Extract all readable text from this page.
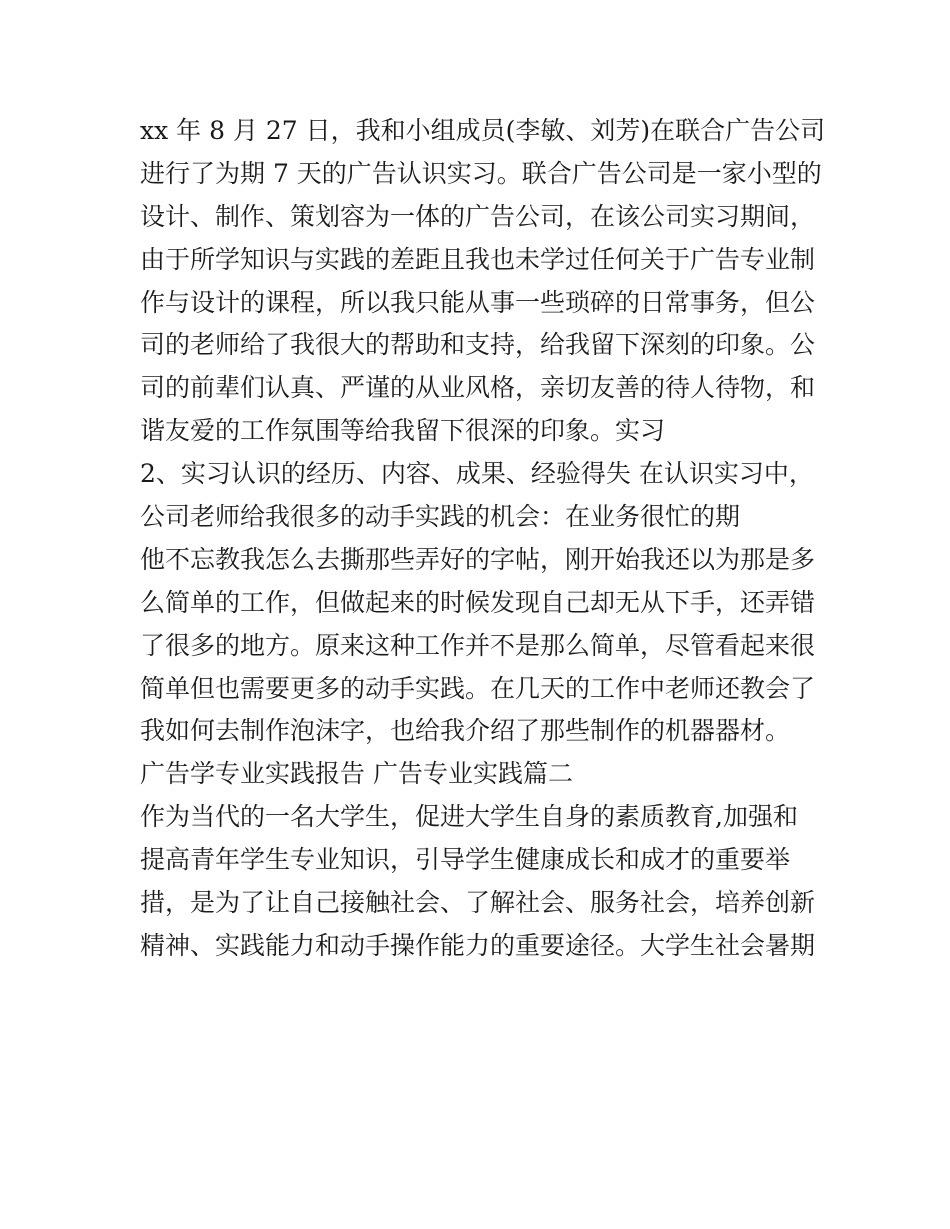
xx 年 8 月 27 日，我和小组成员(李敏、刘芳)在联合广告公司
进行了为期 7 天的广告认识实习。联合广告公司是一家小型的
设计、制作、策划容为一体的广告公司，在该公司实习期间，
由于所学知识与实践的差距且我也未学过任何关于广告专业制
作与设计的课程，所以我只能从事一些琐碎的日常事务，但公
司的老师给了我很大的帮助和支持，给我留下深刻的印象。公
司的前辈们认真、严谨的从业风格，亲切友善的待人待物，和
谐友爱的工作氛围等给我留下很深的印象。实习
2、实习认识的经历、内容、成果、经验得失 在认识实习中，
公司老师给我很多的动手实践的机会：在业务很忙的期
他不忘教我怎么去撕那些弄好的字帖，刚开始我还以为那是多
么简单的工作，但做起来的时候发现自己却无从下手，还弄错
了很多的地方。原来这种工作并不是那么简单，尽管看起来很
简单但也需要更多的动手实践。在几天的工作中老师还教会了
我如何去制作泡沫字，也给我介绍了那些制作的机器器材。
广告学专业实践报告 广告专业实践篇二
作为当代的一名大学生，促进大学生自身的素质教育,加强和
提高青年学生专业知识，引导学生健康成长和成才的重要举
措，是为了让自己接触社会、了解社会、服务社会，培养创新
精神、实践能力和动手操作能力的重要途径。大学生社会暑期
